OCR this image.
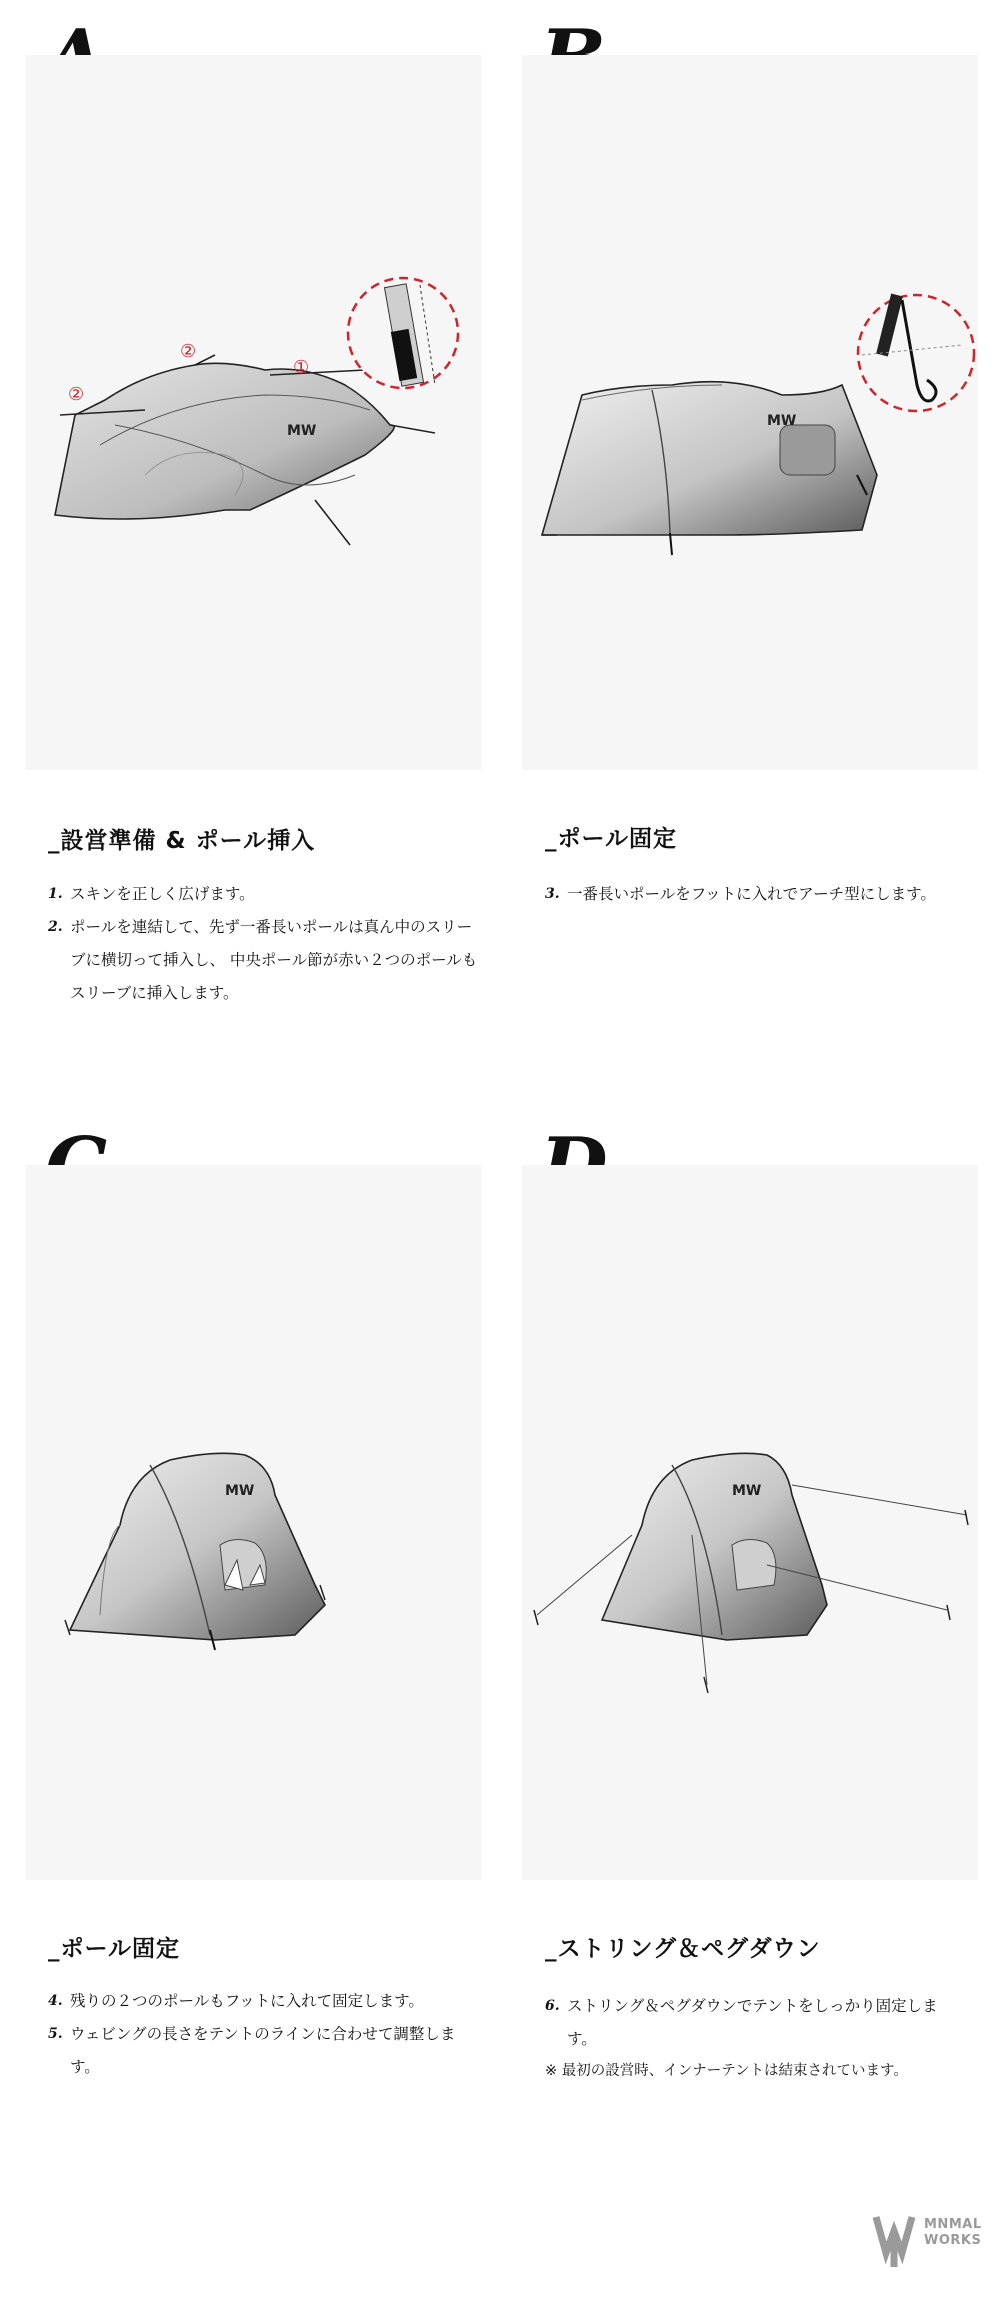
MW
②
②
①
_設営準備 & ポール挿入
1. スキンを正しく広げます。
2. ポールを連結して、先ず一番長いポールは真ん中のスリーブに横切って挿入し、 中央ポール節が赤い２つのポールもスリーブに挿入します。
MW
_ポール固定
3. 一番長いポールをフットに入れでアーチ型にします。
MW
_ポール固定
4. 残りの２つのポールもフットに入れて固定します。
5. ウェビングの長さをテントのラインに合わせて調整します。
MW
_ストリング＆ペグダウン
6. ストリング＆ペグダウンでテントをしっかり固定します。
※ 最初の設営時、インナーテントは結束されています。
MNMAL
WORKS
